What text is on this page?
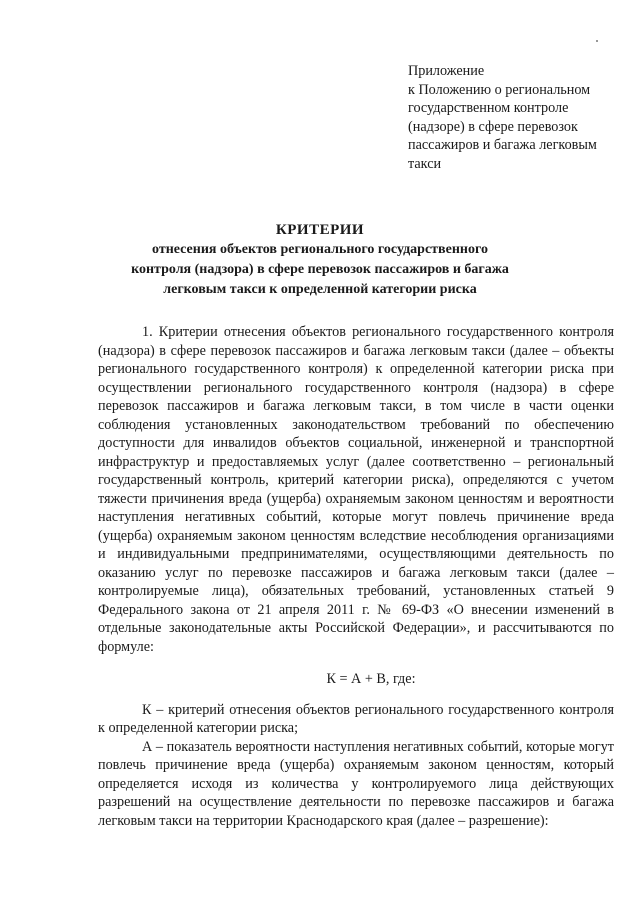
Приложение
к Положению о региональном
государственном контроле
(надзоре) в сфере перевозок
пассажиров и багажа легковым
такси
КРИТЕРИИ
отнесения объектов регионального государственного
контроля (надзора) в сфере перевозок пассажиров и багажа
легковым такси к определенной категории риска

1. Критерии отнесения объектов регионального государственного контроля (надзора) в сфере перевозок пассажиров и багажа легковым такси (далее – объекты регионального государственного контроля) к определенной категории риска при осуществлении регионального государственного контроля (надзора) в сфере перевозок пассажиров и багажа легковым такси, в том числе в части оценки соблюдения установленных законодательством требований по обеспечению доступности для инвалидов объектов социальной, инженерной и транспортной инфраструктур и предоставляемых услуг (далее соответственно – региональный государственный контроль, критерий категории риска), определяются с учетом тяжести причинения вреда (ущерба) охраняемым законом ценностям и вероятности наступления негативных событий, которые могут повлечь причинение вреда (ущерба) охраняемым законом ценностям вследствие несоблюдения организациями и индивидуальными предпринимателями, осуществляющими деятельность по оказанию услуг по перевозке пассажиров и багажа легковым такси (далее – контролируемые лица), обязательных требований, установленных статьей 9 Федерального закона от 21 апреля 2011 г. № 69-ФЗ «О внесении изменений в отдельные законодательные акты Российской Федерации», и рассчитываются по формуле:

К = А + В, где:

К – критерий отнесения объектов регионального государственного контроля к определенной категории риска;

А – показатель вероятности наступления негативных событий, которые могут повлечь причинение вреда (ущерба) охраняемым законом ценностям, который определяется исходя из количества у контролируемого лица действующих разрешений на осуществление деятельности по перевозке пассажиров и багажа легковым такси на территории Краснодарского края (далее – разрешение):
